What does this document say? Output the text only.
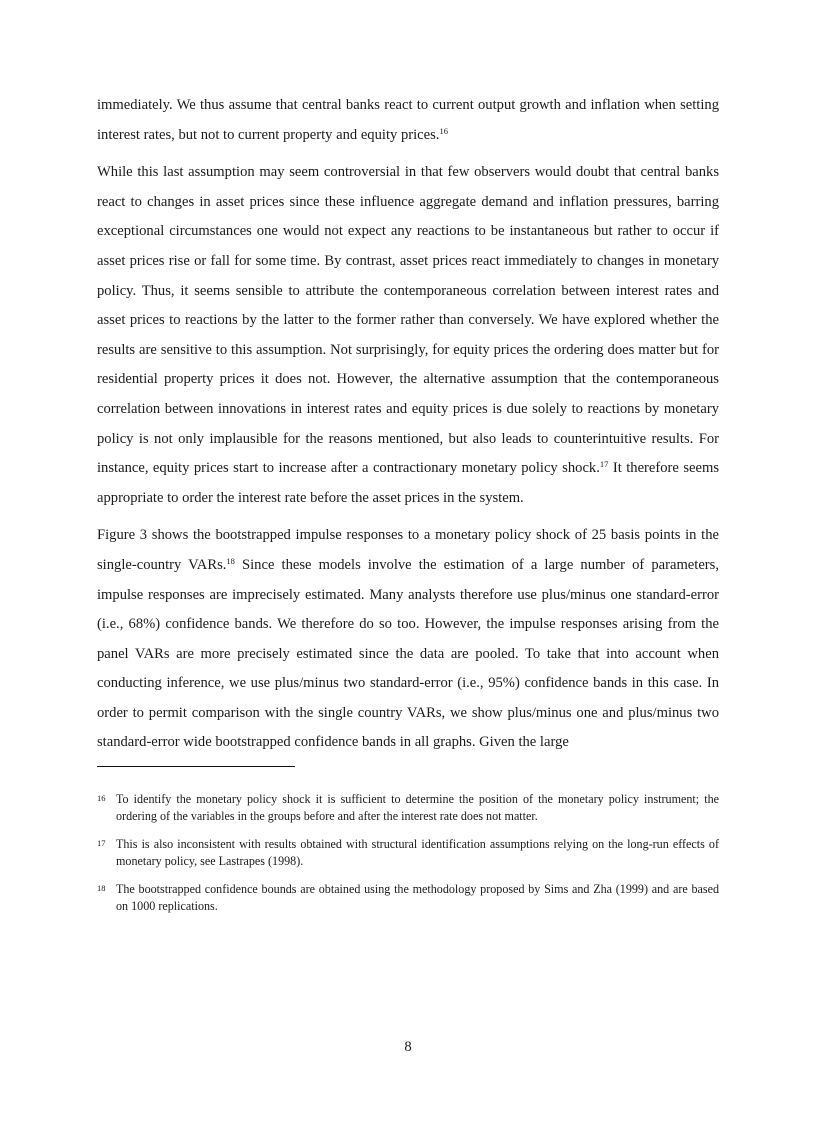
immediately. We thus assume that central banks react to current output growth and inflation when setting interest rates, but not to current property and equity prices.$^{16}$

While this last assumption may seem controversial in that few observers would doubt that central banks react to changes in asset prices since these influence aggregate demand and inflation pressures, barring exceptional circumstances one would not expect any reactions to be instantaneous but rather to occur if asset prices rise or fall for some time. By contrast, asset prices react immediately to changes in monetary policy. Thus, it seems sensible to attribute the contemporaneous correlation between interest rates and asset prices to reactions by the latter to the former rather than conversely. We have explored whether the results are sensitive to this assumption. Not surprisingly, for equity prices the ordering does matter but for residential property prices it does not. However, the alternative assumption that the contemporaneous correlation between innovations in interest rates and equity prices is due solely to reactions by monetary policy is not only implausible for the reasons mentioned, but also leads to counterintuitive results. For instance, equity prices start to increase after a contractionary monetary policy shock.$^{17}$ It therefore seems appropriate to order the interest rate before the asset prices in the system.

Figure 3 shows the bootstrapped impulse responses to a monetary policy shock of 25 basis points in the single-country VARs.$^{18}$ Since these models involve the estimation of a large number of parameters, impulse responses are imprecisely estimated. Many analysts therefore use plus/minus one standard-error (i.e., 68%) confidence bands. We therefore do so too. However, the impulse responses arising from the panel VARs are more precisely estimated since the data are pooled. To take that into account when conducting inference, we use plus/minus two standard-error (i.e., 95%) confidence bands in this case. In order to permit comparison with the single country VARs, we show plus/minus one and plus/minus two standard-error wide bootstrapped confidence bands in all graphs. Given the large

16 To identify the monetary policy shock it is sufficient to determine the position of the monetary policy instrument; the ordering of the variables in the groups before and after the interest rate does not matter.
17 This is also inconsistent with results obtained with structural identification assumptions relying on the long-run effects of monetary policy, see Lastrapes (1998).
18 The bootstrapped confidence bounds are obtained using the methodology proposed by Sims and Zha (1999) and are based on 1000 replications.
8
